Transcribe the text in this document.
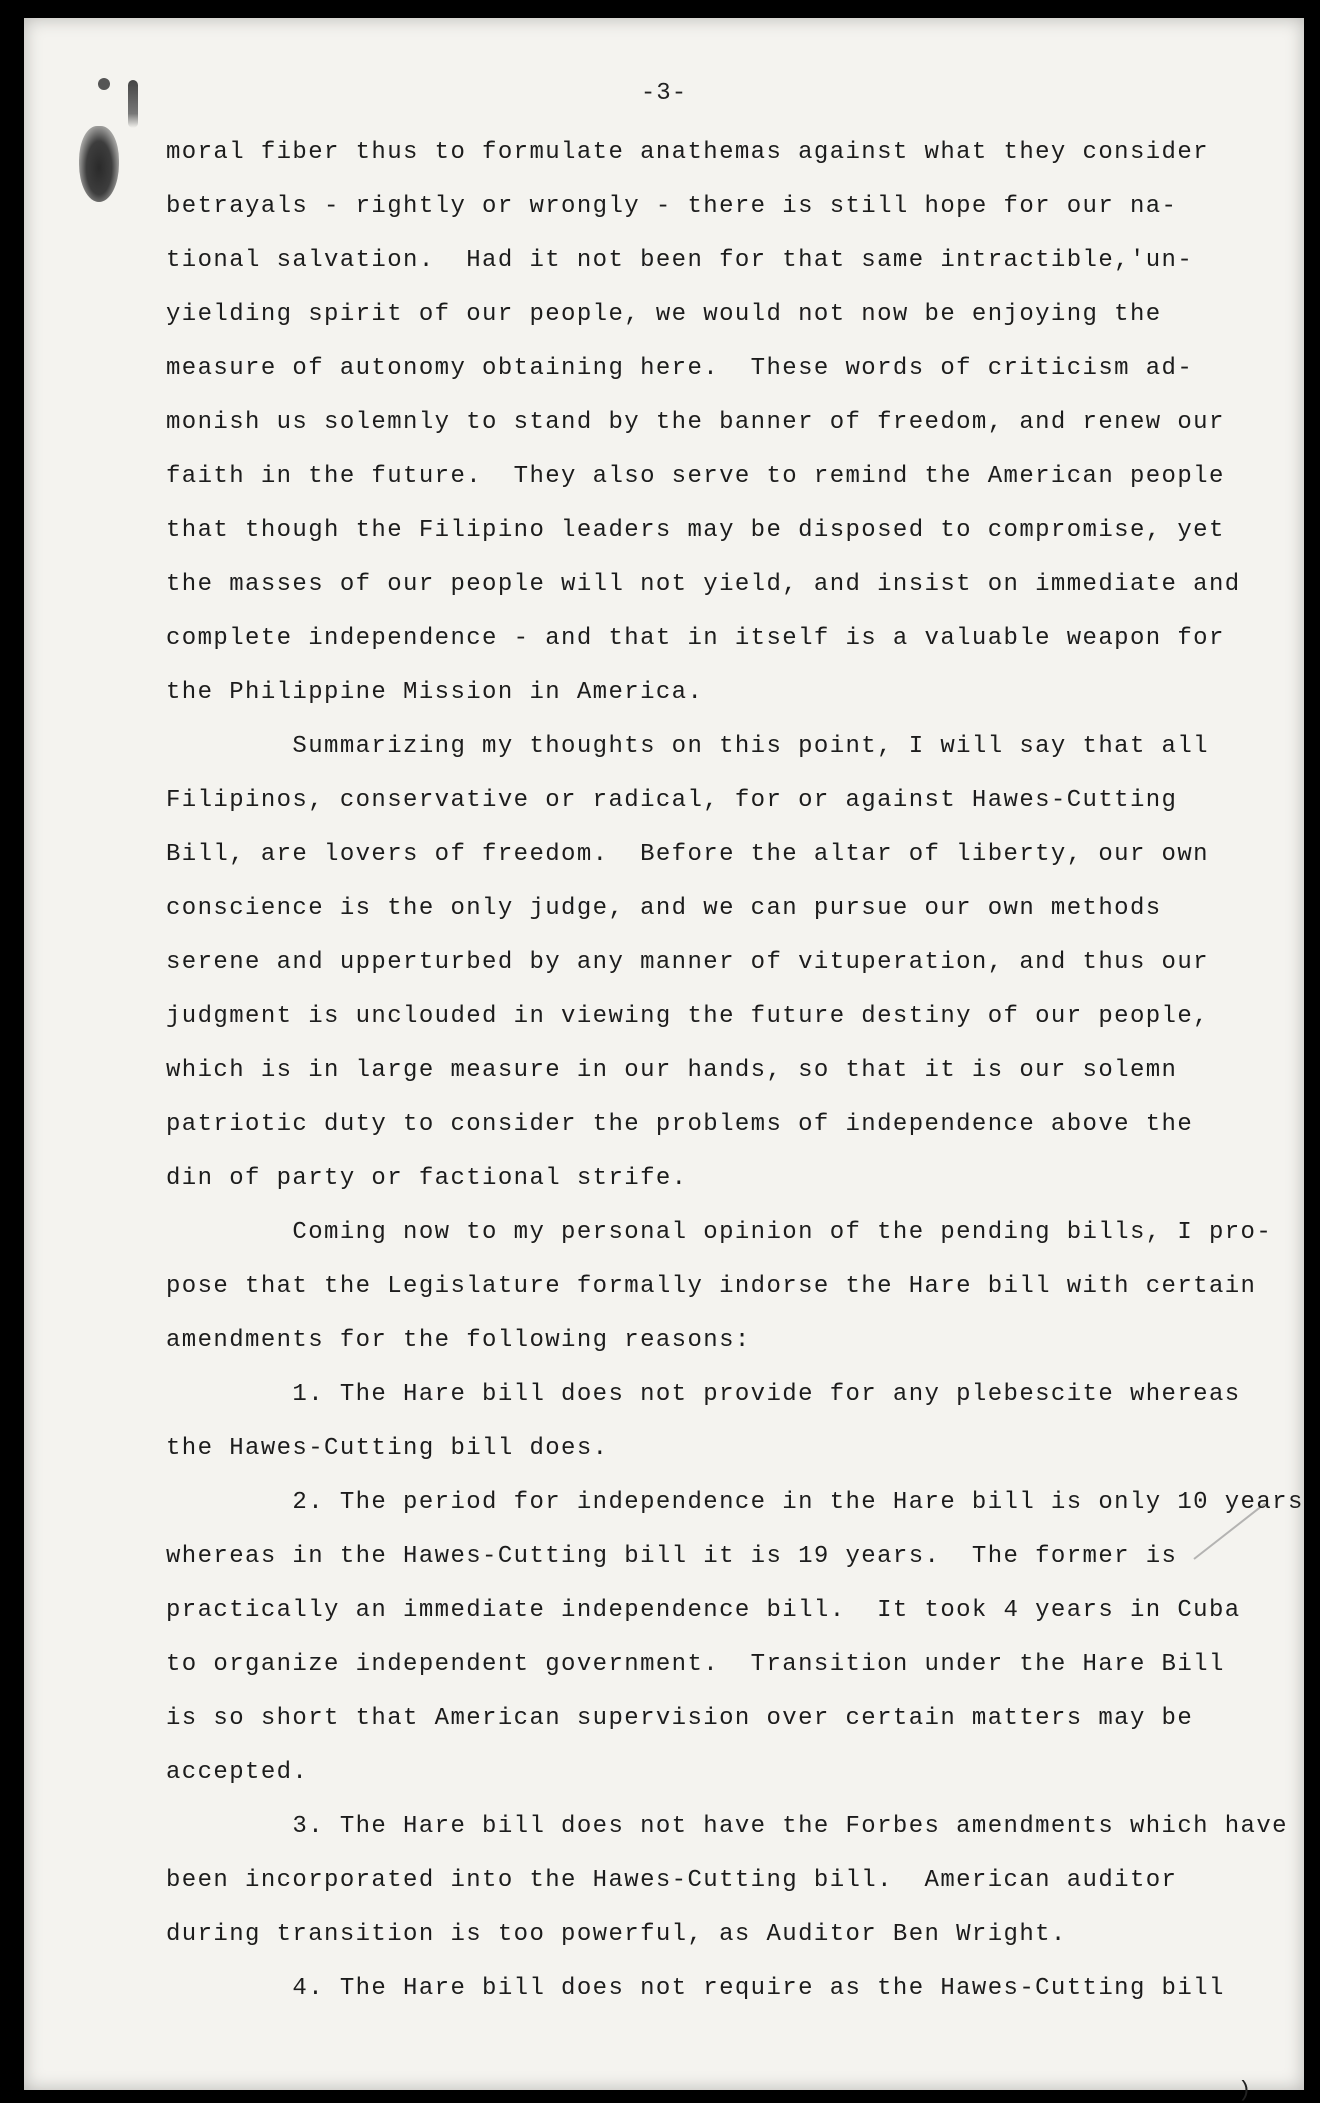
-3-
moral fiber thus to formulate anathemas against what they consider
betrayals - rightly or wrongly - there is still hope for our na-
tional salvation.  Had it not been for that same intractible,'un-
yielding spirit of our people, we would not now be enjoying the
measure of autonomy obtaining here.  These words of criticism ad-
monish us solemnly to stand by the banner of freedom, and renew our
faith in the future.  They also serve to remind the American people
that though the Filipino leaders may be disposed to compromise, yet
the masses of our people will not yield, and insist on immediate and
complete independence - and that in itself is a valuable weapon for
the Philippine Mission in America.
Summarizing my thoughts on this point, I will say that all
Filipinos, conservative or radical, for or against Hawes-Cutting
Bill, are lovers of freedom.  Before the altar of liberty, our own
conscience is the only judge, and we can pursue our own methods
serene and upperturbed by any manner of vituperation, and thus our
judgment is unclouded in viewing the future destiny of our people,
which is in large measure in our hands, so that it is our solemn
patriotic duty to consider the problems of independence above the
din of party or factional strife.
Coming now to my personal opinion of the pending bills, I pro-
pose that the Legislature formally indorse the Hare bill with certain
amendments for the following reasons:
1. The Hare bill does not provide for any plebescite whereas
the Hawes-Cutting bill does.
2. The period for independence in the Hare bill is only 10 years
whereas in the Hawes-Cutting bill it is 19 years.  The former is
practically an immediate independence bill.  It took 4 years in Cuba
to organize independent government.  Transition under the Hare Bill
is so short that American supervision over certain matters may be
accepted.
3. The Hare bill does not have the Forbes amendments which have
been incorporated into the Hawes-Cutting bill.  American auditor
during transition is too powerful, as Auditor Ben Wright.
4. The Hare bill does not require as the Hawes-Cutting bill
)
